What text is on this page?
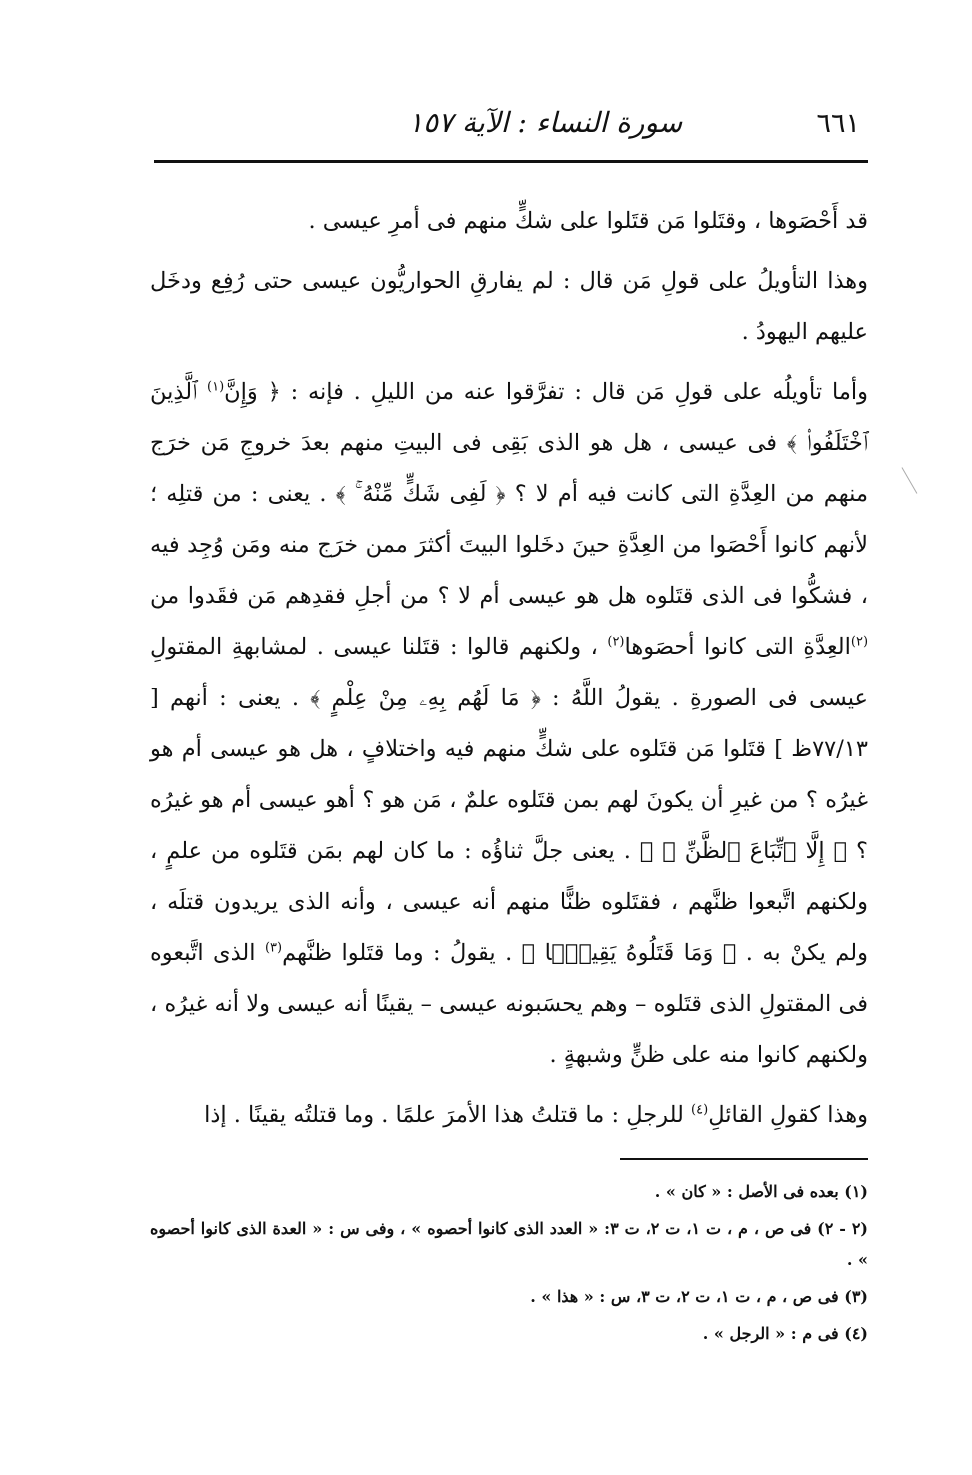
٦٦١
سورة النساء : الآية ١٥٧

قد أَحْصَوها ، وقتَلوا مَن قتَلوا على شكٍّ منهم فى أمرِ عيسى .

وهذا التأويلُ على قولِ مَن قال : لم يفارقِ الحواريُّون عيسى حتى رُفِع ودخَل عليهم اليهودُ .

وأما تأويلُه على قولِ مَن قال : تفرَّقوا عنه من الليلِ . فإنه : ﴿ وَإِنَّ$^{(١)}$ ٱلَّذِينَ ٱخْتَلَفُوا۟ ﴾ فى عيسى ، هل هو الذى بَقِى فى البيتِ منهم بعدَ خروجِ مَن خرَج منهم من العِدَّةِ التى كانت فيه أم لا ؟ ﴿ لَفِى شَكٍّ مِّنْهُ ۚ ﴾ . يعنى : من قتلِه ؛ لأنهم كانوا أَحْصَوا من العِدَّةِ حينَ دخَلوا البيتَ أكثرَ ممن خرَج منه ومَن وُجِد فيه ، فشكُّوا فى الذى قتَلوه هل هو عيسى أم لا ؟ من أجلِ فقدِهم مَن فقَدوا من $^{(٢)}$العِدَّةِ التى كانوا أحصَوها$^{(٢)}$ ، ولكنهم قالوا : قتَلنا عيسى . لمشابهةِ المقتولِ عيسى فى الصورةِ . يقولُ اللَّهُ : ﴿ مَا لَهُم بِهِۦ مِنْ عِلْمٍ ﴾ . يعنى : أنهم [ ٧٧/١٣ظ ] قتَلوا مَن قتَلوه على شكٍّ منهم فيه واختلافٍ ، هل هو عيسى أم هو غيرُه ؟ من غيرِ أن يكونَ لهم بمن قتَلوه علمٌ ، مَن هو ؟ أهو عيسى أم هو غيرُه ؟ ﴿ إِلَّا ٱتِّبَاعَ ٱلظَّنِّ ۚ ﴾ . يعنى جلَّ ثناؤُه : ما كان لهم بمَن قتَلوه من علمٍ ، ولكنهم اتَّبعوا ظنَّهم ، فقتَلوه ظنًّا منهم أنه عيسى ، وأنه الذى يريدون قتلَه ، ولم يكنْ به . ﴿ وَمَا قَتَلُوهُ يَقِينًۢا ﴾ . يقولُ : وما قتَلوا ظنَّهم$^{(٣)}$ الذى اتَّبعوه فى المقتولِ الذى قتَلوه – وهم يحسَبونه عيسى – يقينًا أنه عيسى ولا أنه غيرُه ، ولكنهم كانوا منه على ظنٍّ وشبهةٍ .

وهذا كقولِ القائلِ$^{(٤)}$ للرجلِ : ما قتلتُ هذا الأمرَ علمًا . وما قتلتُه يقينًا . إذا

(١) بعده فى الأصل : « كان » .

(٢ - ٢) فى ص ، م ، ت ١، ت ٢، ت ٣: « العدد الذى كانوا أحصوه » ، وفى س : « العدة الذى كانوا أحصوه » .

(٣) فى ص ، م ، ت ١، ت ٢، ت ٣، س : « هذا » .

(٤) فى م : « الرجل » .
